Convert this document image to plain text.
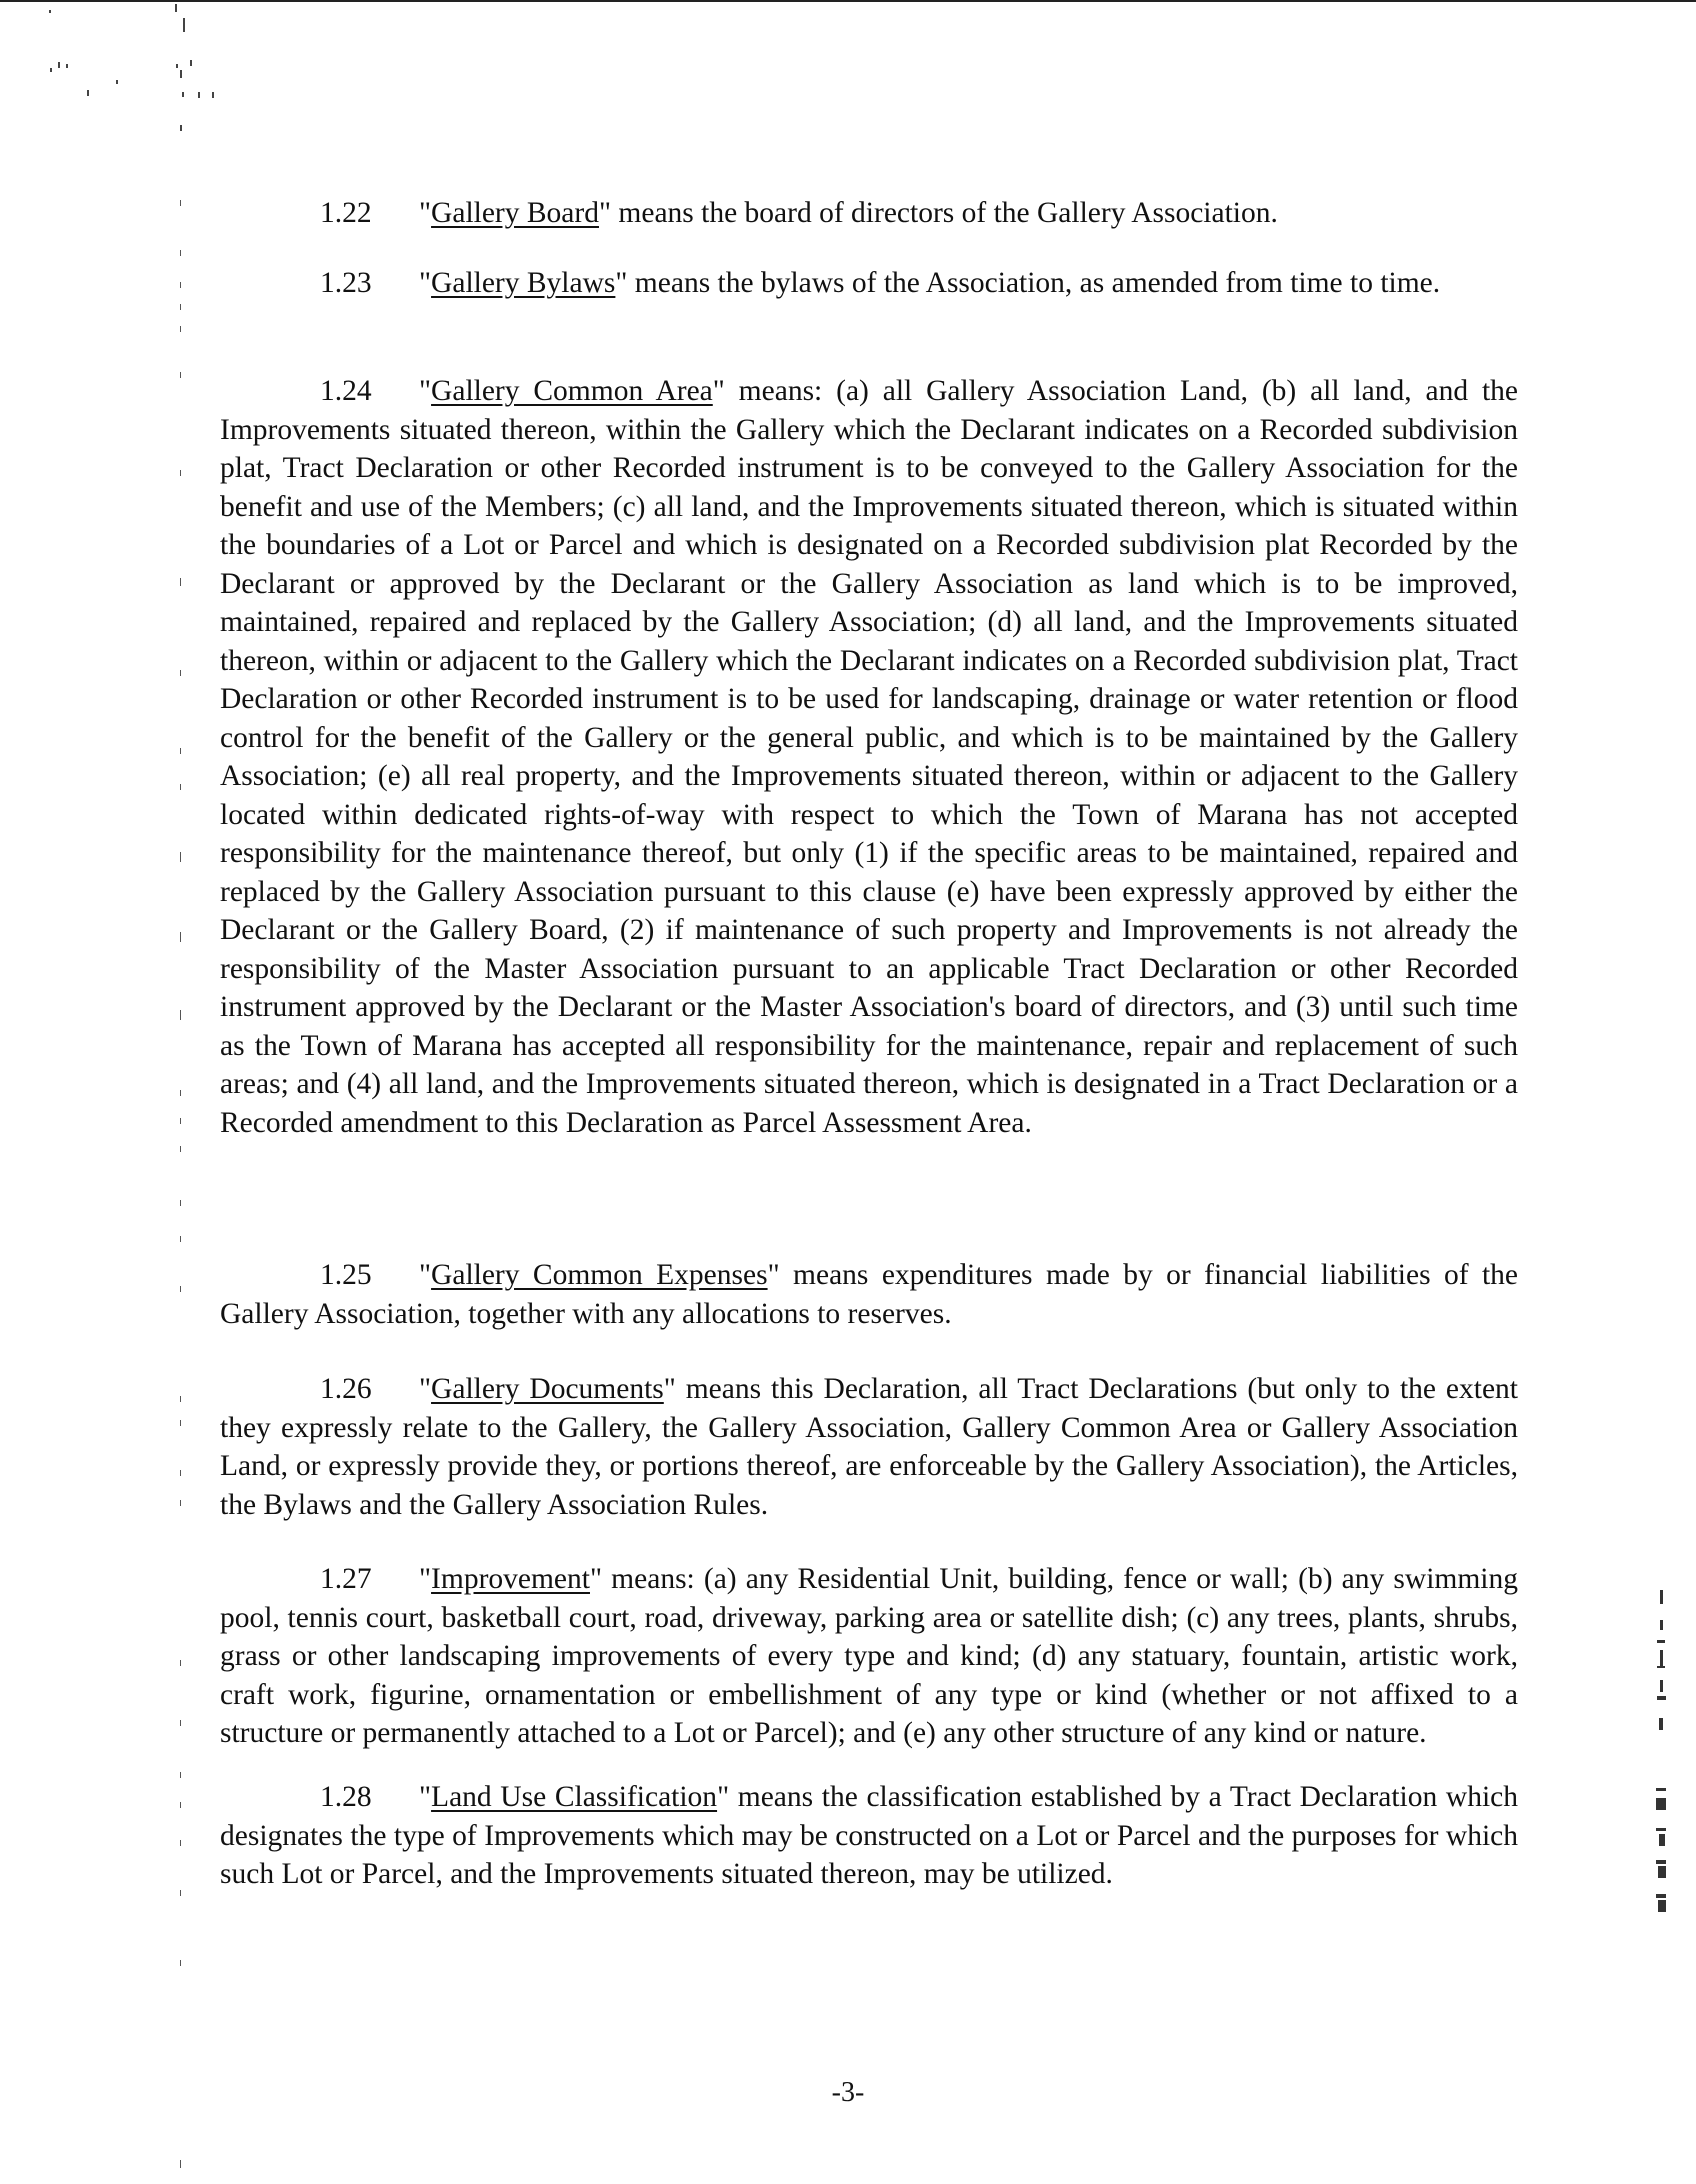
1.22 "Gallery Board" means the board of directors of the Gallery Association.
1.23 "Gallery Bylaws" means the bylaws of the Association, as amended from time to time.
1.24 "Gallery Common Area" means: (a) all Gallery Association Land, (b) all land, and the Improvements situated thereon, within the Gallery which the Declarant indicates on a Recorded subdivision plat, Tract Declaration or other Recorded instrument is to be conveyed to the Gallery Association for the benefit and use of the Members; (c) all land, and the Improvements situated thereon, which is situated within the boundaries of a Lot or Parcel and which is designated on a Recorded subdivision plat Recorded by the Declarant or approved by the Declarant or the Gallery Association as land which is to be improved, maintained, repaired and replaced by the Gallery Association; (d) all land, and the Improvements situated thereon, within or adjacent to the Gallery which the Declarant indicates on a Recorded subdivision plat, Tract Declaration or other Recorded instrument is to be used for landscaping, drainage or water retention or flood control for the benefit of the Gallery or the general public, and which is to be maintained by the Gallery Association; (e) all real property, and the Improvements situated thereon, within or adjacent to the Gallery located within dedicated rights-of-way with respect to which the Town of Marana has not accepted responsibility for the maintenance thereof, but only (1) if the specific areas to be maintained, repaired and replaced by the Gallery Association pursuant to this clause (e) have been expressly approved by either the Declarant or the Gallery Board, (2) if maintenance of such property and Improvements is not already the responsibility of the Master Association pursuant to an applicable Tract Declaration or other Recorded instrument approved by the Declarant or the Master Association's board of directors, and (3) until such time as the Town of Marana has accepted all responsibility for the maintenance, repair and replacement of such areas; and (4) all land, and the Improvements situated thereon, which is designated in a Tract Declaration or a Recorded amendment to this Declaration as Parcel Assessment Area.
1.25 "Gallery Common Expenses" means expenditures made by or financial liabilities of the Gallery Association, together with any allocations to reserves.
1.26 "Gallery Documents" means this Declaration, all Tract Declarations (but only to the extent they expressly relate to the Gallery, the Gallery Association, Gallery Common Area or Gallery Association Land, or expressly provide they, or portions thereof, are enforceable by the Gallery Association), the Articles, the Bylaws and the Gallery Association Rules.
1.27 "Improvement" means: (a) any Residential Unit, building, fence or wall; (b) any swimming pool, tennis court, basketball court, road, driveway, parking area or satellite dish; (c) any trees, plants, shrubs, grass or other landscaping improvements of every type and kind; (d) any statuary, fountain, artistic work, craft work, figurine, ornamentation or embellishment of any type or kind (whether or not affixed to a structure or permanently attached to a Lot or Parcel); and (e) any other structure of any kind or nature.
1.28 "Land Use Classification" means the classification established by a Tract Declaration which designates the type of Improvements which may be constructed on a Lot or Parcel and the purposes for which such Lot or Parcel, and the Improvements situated thereon, may be utilized.
-3-
